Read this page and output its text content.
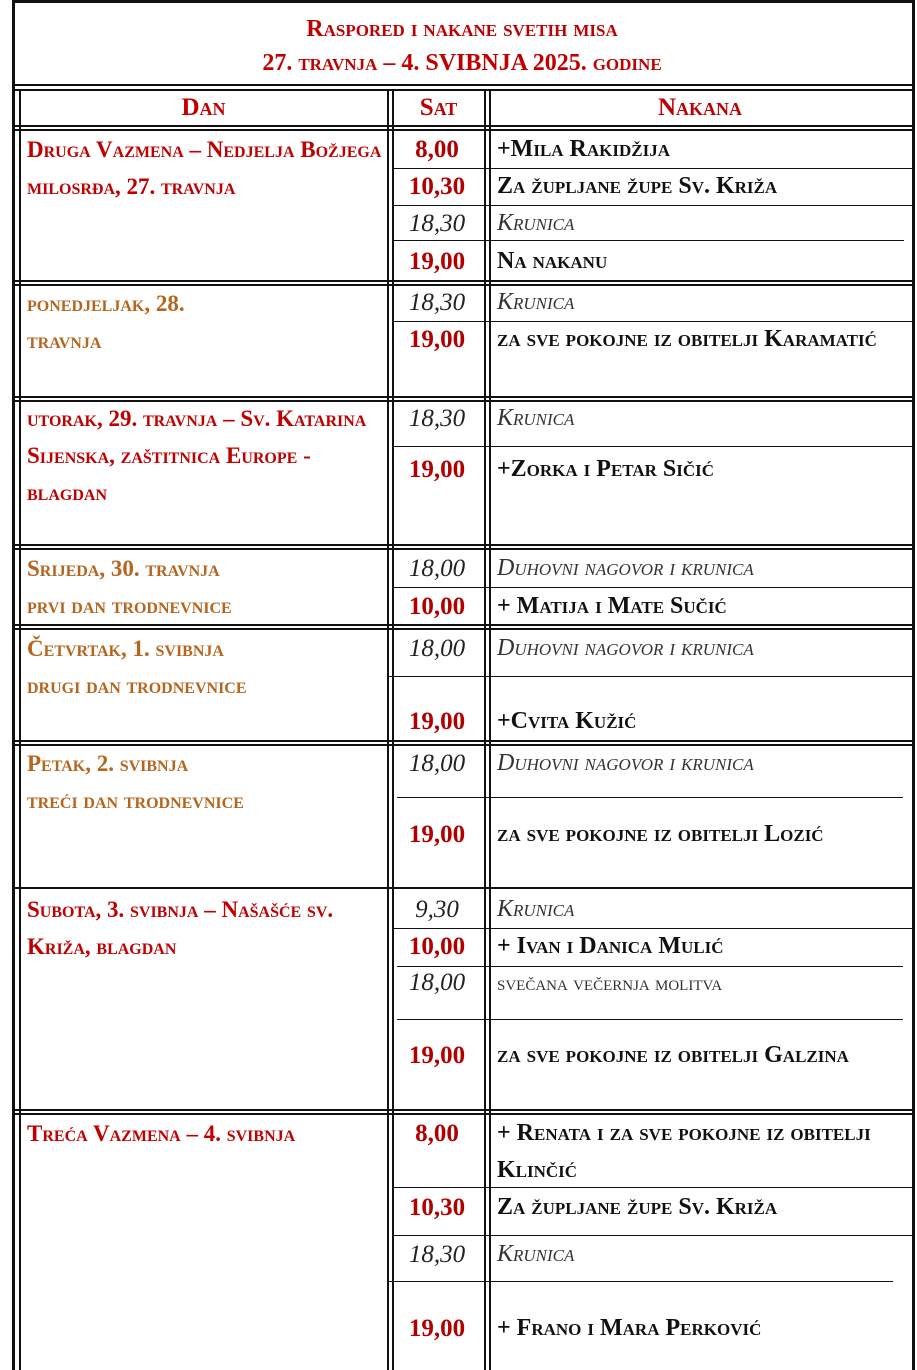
Raspored i nakane svetih misa
27. travnja – 4. SVIBNJA 2025. godine
Dan	Sat	Nakana
Druga Vazmena – Nedjelja Božjega milosrđa, 27. travnja
8,00	+Mila Rakidžija
10,30	Za župljane župe Sv. Križa
18,30	Krunica
19,00	Na nakanu
ponedjeljak, 28. travnja
18,30	Krunica
19,00	za sve pokojne iz obitelji Karamatić
utorak, 29. travnja – Sv. Katarina Sijenska, zaštitnica Europe - blagdan
18,30	Krunica
19,00	+Zorka i Petar Sičić
Srijeda, 30. travnja
prvi dan trodnevnice
18,00	Duhovni nagovor i krunica
10,00	+ Matija i Mate Sučić
Četvrtak, 1. svibnja
drugi dan trodnevnice
18,00	Duhovni nagovor i krunica
19,00	+Cvita Kužić
Petak, 2. svibnja
treći dan trodnevnice
18,00	Duhovni nagovor i krunica
19,00	za sve pokojne iz obitelji Lozić
Subota, 3. svibnja – Našašće sv. Križa, blagdan
9,30	Krunica
10,00	+ Ivan i Danica Mulić
18,00	svečana večernja molitva
19,00	za sve pokojne iz obitelji Galzina
Treća Vazmena – 4. svibnja	8,00	+ Renata i za sve pokojne iz obitelji Klinčić
10,30	Za župljane župe Sv. Križa
18,30	Krunica
19,00	+ Frano i Mara Perković
